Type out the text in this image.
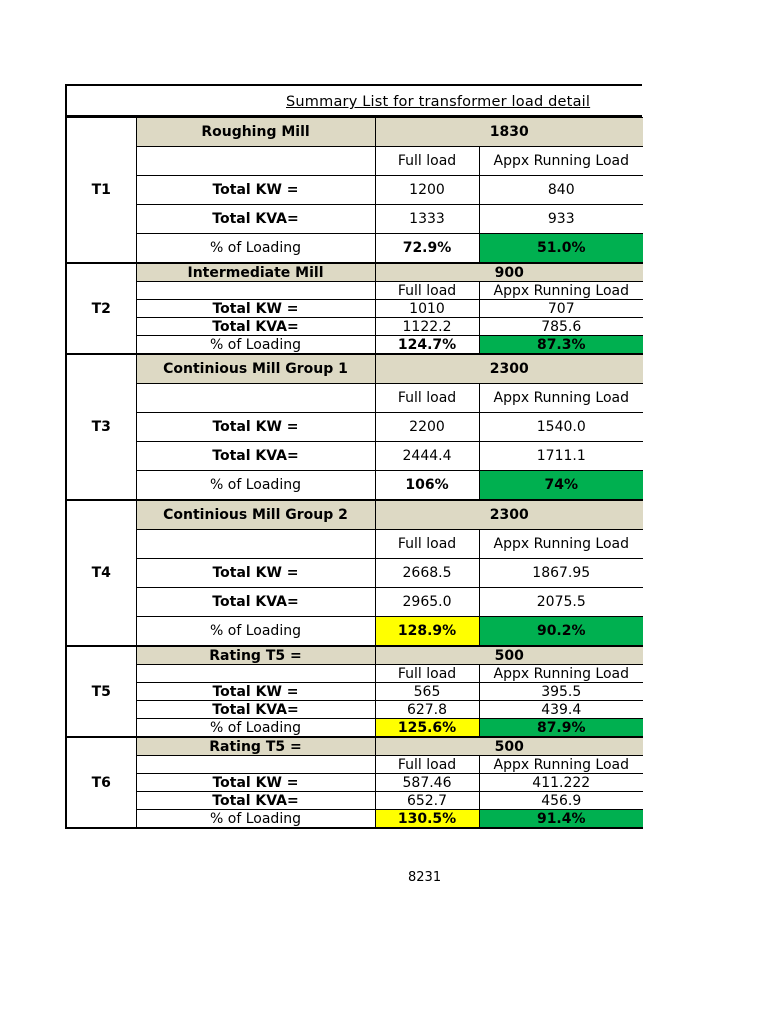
Summary List for transformer load detail
T1	Roughing Mill	1830	
		Full load	Appx Running Load
	Total KW =	1200	840
	Total KVA=	1333	933
	% of Loading	72.9%	51.0%
T2	Intermediate Mill	900	
		Full load	Appx Running Load
	Total KW =	1010	707
	Total KVA=	1122.2	785.6
	% of Loading	124.7%	87.3%
T3	Continious Mill Group 1	2300	
		Full load	Appx Running Load
	Total KW =	2200	1540.0
	Total KVA=	2444.4	1711.1
	% of Loading	106%	74%
T4	Continious Mill Group 2	2300	
		Full load	Appx Running Load
	Total KW =	2668.5	1867.95
	Total KVA=	2965.0	2075.5
	% of Loading	128.9%	90.2%
T5	Rating T5 =	500	
		Full load	Appx Running Load
	Total KW =	565	395.5
	Total KVA=	627.8	439.4
	% of Loading	125.6%	87.9%
T6	Rating T5 =	500	
		Full load	Appx Running Load
	Total KW =	587.46	411.222
	Total KVA=	652.7	456.9
	% of Loading	130.5%	91.4%
8231
